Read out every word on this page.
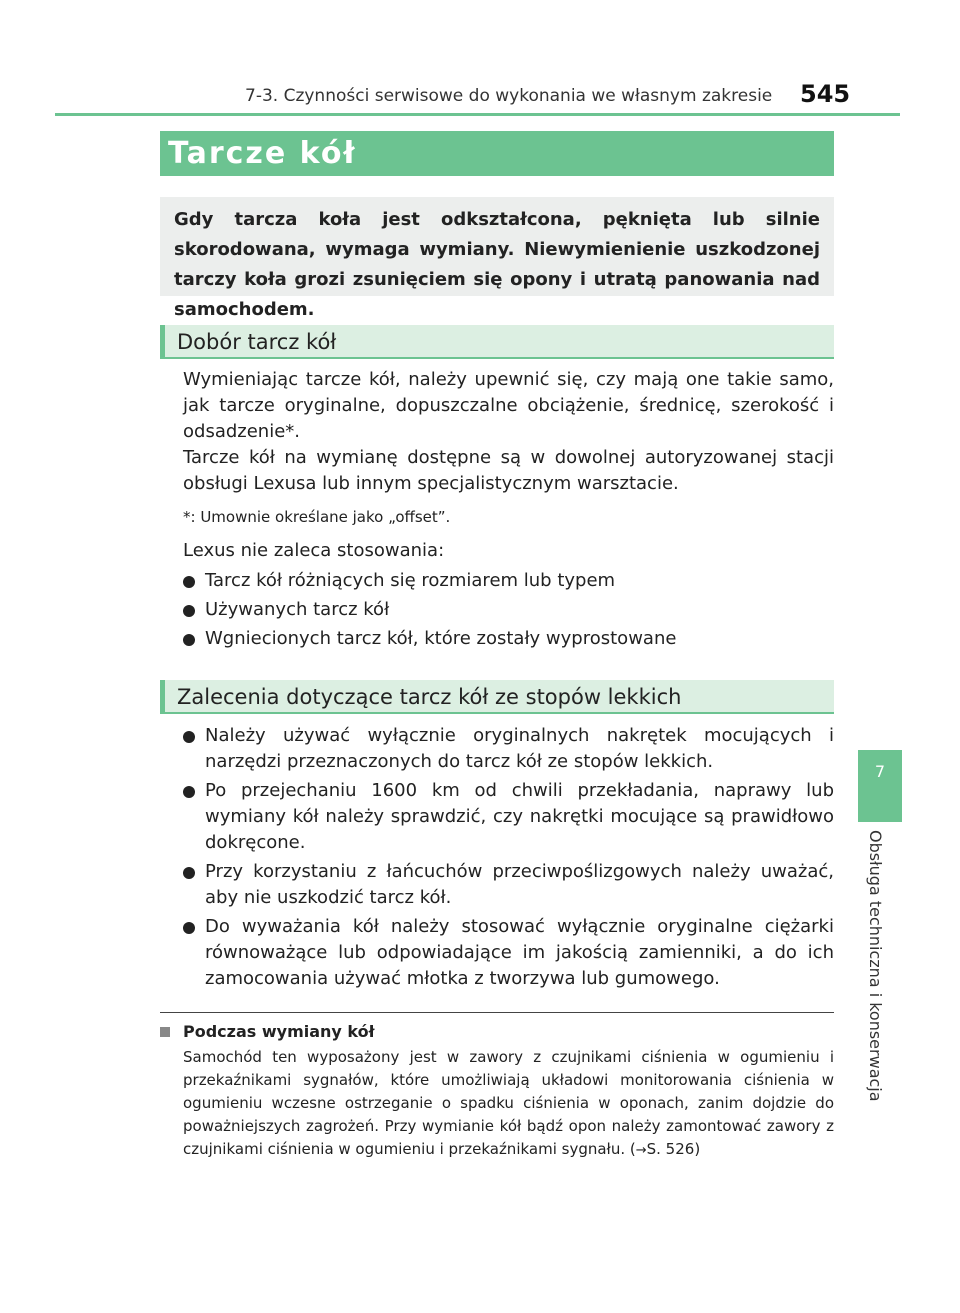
7-3. Czynności serwisowe do wykonania we własnym zakresie 545
7
Obsługa techniczna i konserwacja
Tarcze kół
Gdy tarcza koła jest odkształcona, pęknięta lub silnie skorodowana, wymaga wymiany. Niewymienienie uszkodzonej tarczy koła grozi zsunięciem się opony i utratą panowania nad samochodem.
Dobór tarcz kół
Wymieniając tarcze kół, należy upewnić się, czy mają one takie samo, jak tarcze oryginalne, dopuszczalne obciążenie, średnicę, szerokość i odsadzenie*.
Tarcze kół na wymianę dostępne są w dowolnej autoryzowanej stacji obsługi Lexusa lub innym specjalistycznym warsztacie.
*: Umownie określane jako „offset”.
Lexus nie zaleca stosowania:
Tarcz kół różniących się rozmiarem lub typem
Używanych tarcz kół
Wgniecionych tarcz kół, które zostały wyprostowane
Zalecenia dotyczące tarcz kół ze stopów lekkich
Należy używać wyłącznie oryginalnych nakrętek mocujących i narzędzi przeznaczonych do tarcz kół ze stopów lekkich.
Po przejechaniu 1600 km od chwili przekładania, naprawy lub wymiany kół należy sprawdzić, czy nakrętki mocujące są prawidłowo dokręcone.
Przy korzystaniu z łańcuchów przeciwpoślizgowych należy uważać, aby nie uszkodzić tarcz kół.
Do wyważania kół należy stosować wyłącznie oryginalne ciężarki równoważące lub odpowiadające im jakością zamienniki, a do ich zamocowania używać młotka z tworzywa lub gumowego.
Podczas wymiany kół
Samochód ten wyposażony jest w zawory z czujnikami ciśnienia w ogumieniu i przekaźnikami sygnałów, które umożliwiają układowi monitorowania ciśnienia w ogumieniu wczesne ostrzeganie o spadku ciśnienia w oponach, zanim dojdzie do poważniejszych zagrożeń. Przy wymianie kół bądź opon należy zamontować zawory z czujnikami ciśnienia w ogumieniu i przekaźnikami sygnału. (→S. 526)
